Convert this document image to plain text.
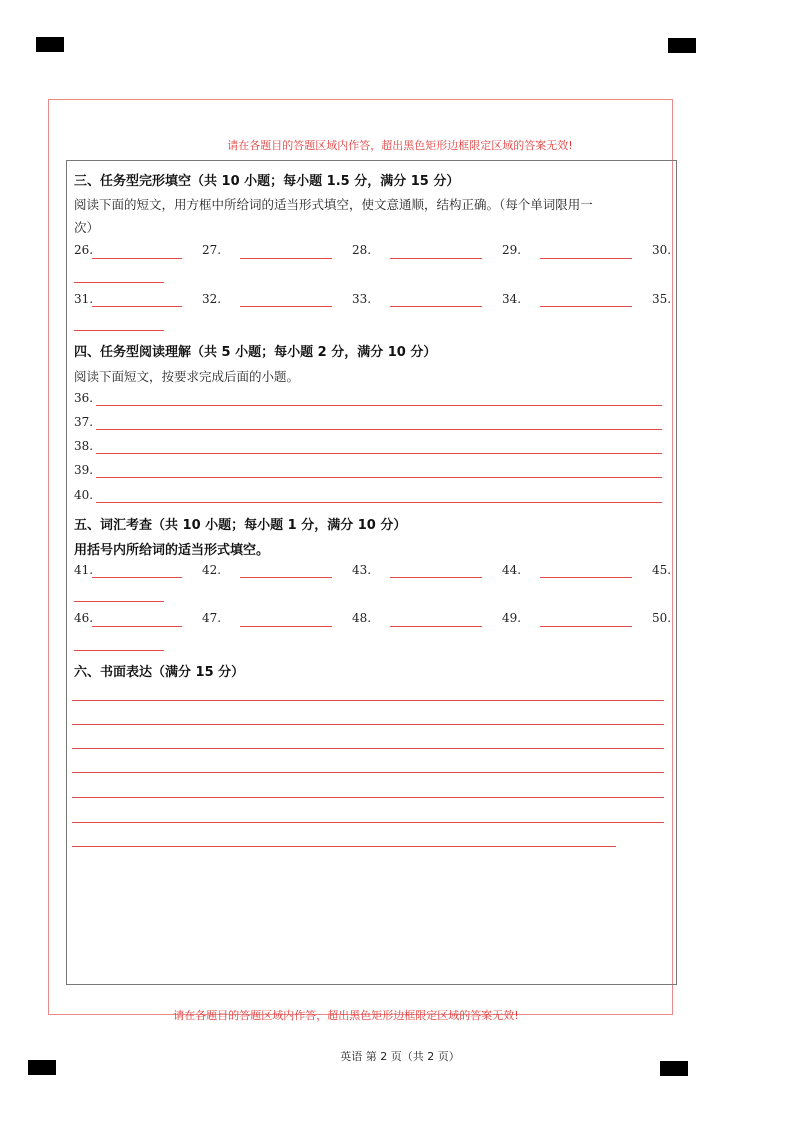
请在各题目的答题区域内作答，超出黑色矩形边框限定区域的答案无效!
请在各题目的答题区域内作答，超出黑色矩形边框限定区域的答案无效!
三、任务型完形填空（共 10 小题；每小题 1.5 分，满分 15 分）
阅读下面的短文，用方框中所给词的适当形式填空，使文意通顺，结构正确。（每个单词限用一
次）
26.	27.	28.	29.	30.
31.	32.	33.	34.	35.
四、任务型阅读理解（共 5 小题；每小题 2 分，满分 10 分）
阅读下面短文，按要求完成后面的小题。
36.
37.
38.
39.
40.
五、词汇考查（共 10 小题；每小题 1 分，满分 10 分）
用括号内所给词的适当形式填空。
41.	42.	43.	44.	45.
46.	47.	48.	49.	50.
六、书面表达（满分 15 分）
英语 第 2 页（共 2 页）
